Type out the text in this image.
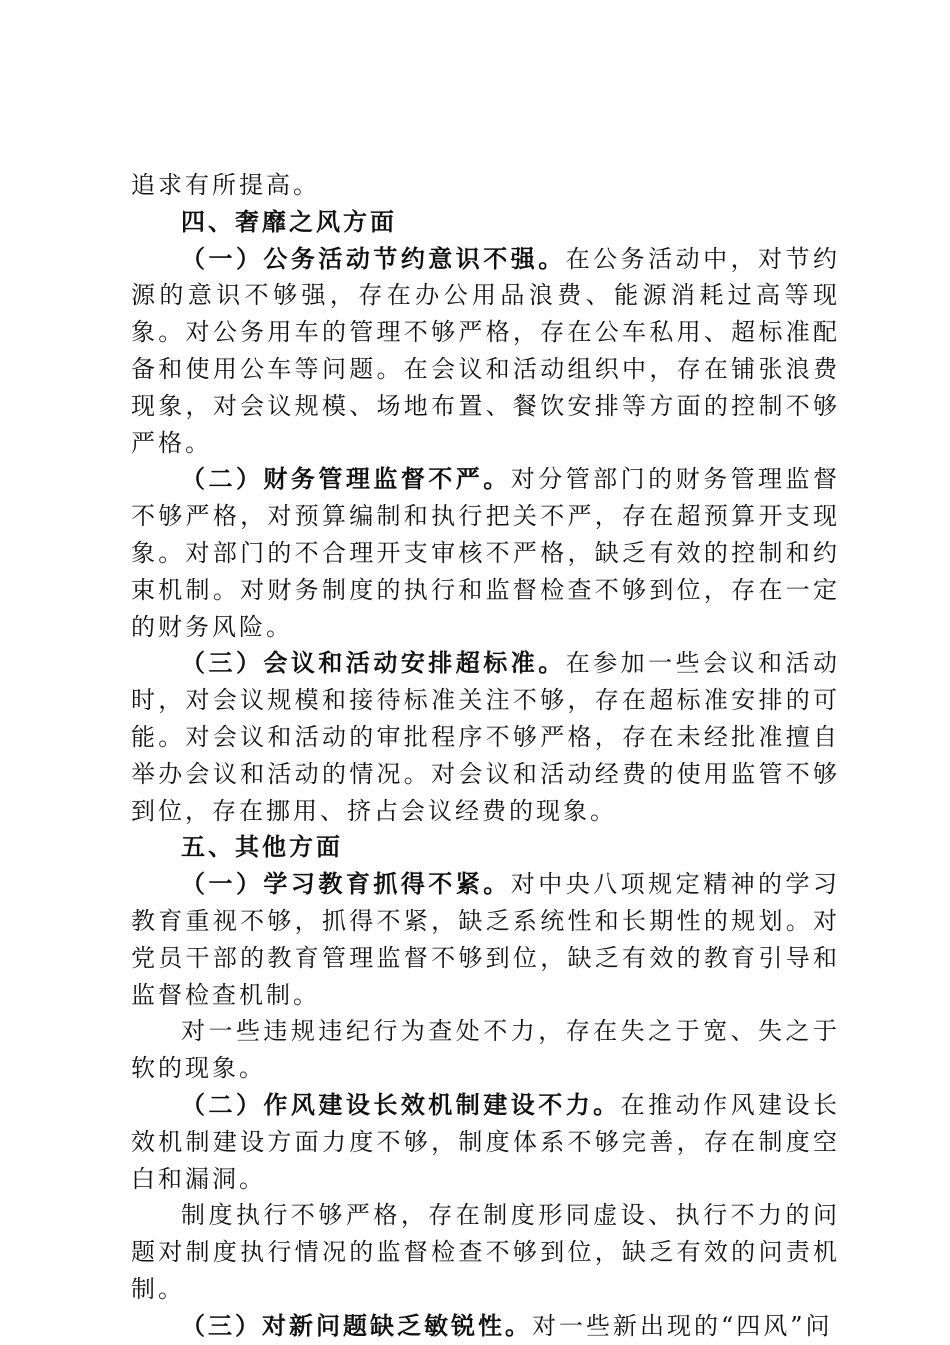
追求有所提高。

四、奢靡之风方面

（一）公务活动节约意识不强。在公务活动中，对节约源的意识不够强，存在办公用品浪费、能源消耗过高等现象。对公务用车的管理不够严格，存在公车私用、超标准配备和使用公车等问题。在会议和活动组织中，存在铺张浪费现象，对会议规模、场地布置、餐饮安排等方面的控制不够严格。

（二）财务管理监督不严。对分管部门的财务管理监督不够严格，对预算编制和执行把关不严，存在超预算开支现象。对部门的不合理开支审核不严格，缺乏有效的控制和约束机制。对财务制度的执行和监督检查不够到位，存在一定的财务风险。

（三）会议和活动安排超标准。在参加一些会议和活动时，对会议规模和接待标准关注不够，存在超标准安排的可能。对会议和活动的审批程序不够严格，存在未经批准擅自举办会议和活动的情况。对会议和活动经费的使用监管不够到位，存在挪用、挤占会议经费的现象。

五、其他方面

（一）学习教育抓得不紧。对中央八项规定精神的学习教育重视不够，抓得不紧，缺乏系统性和长期性的规划。对党员干部的教育管理监督不够到位，缺乏有效的教育引导和监督检查机制。

对一些违规违纪行为查处不力，存在失之于宽、失之于软的现象。

（二）作风建设长效机制建设不力。在推动作风建设长效机制建设方面力度不够，制度体系不够完善，存在制度空白和漏洞。

制度执行不够严格，存在制度形同虚设、执行不力的问题对制度执行情况的监督检查不够到位，缺乏有效的问责机制。

（三）对新问题缺乏敏锐性。对一些新出现的“四风”问
